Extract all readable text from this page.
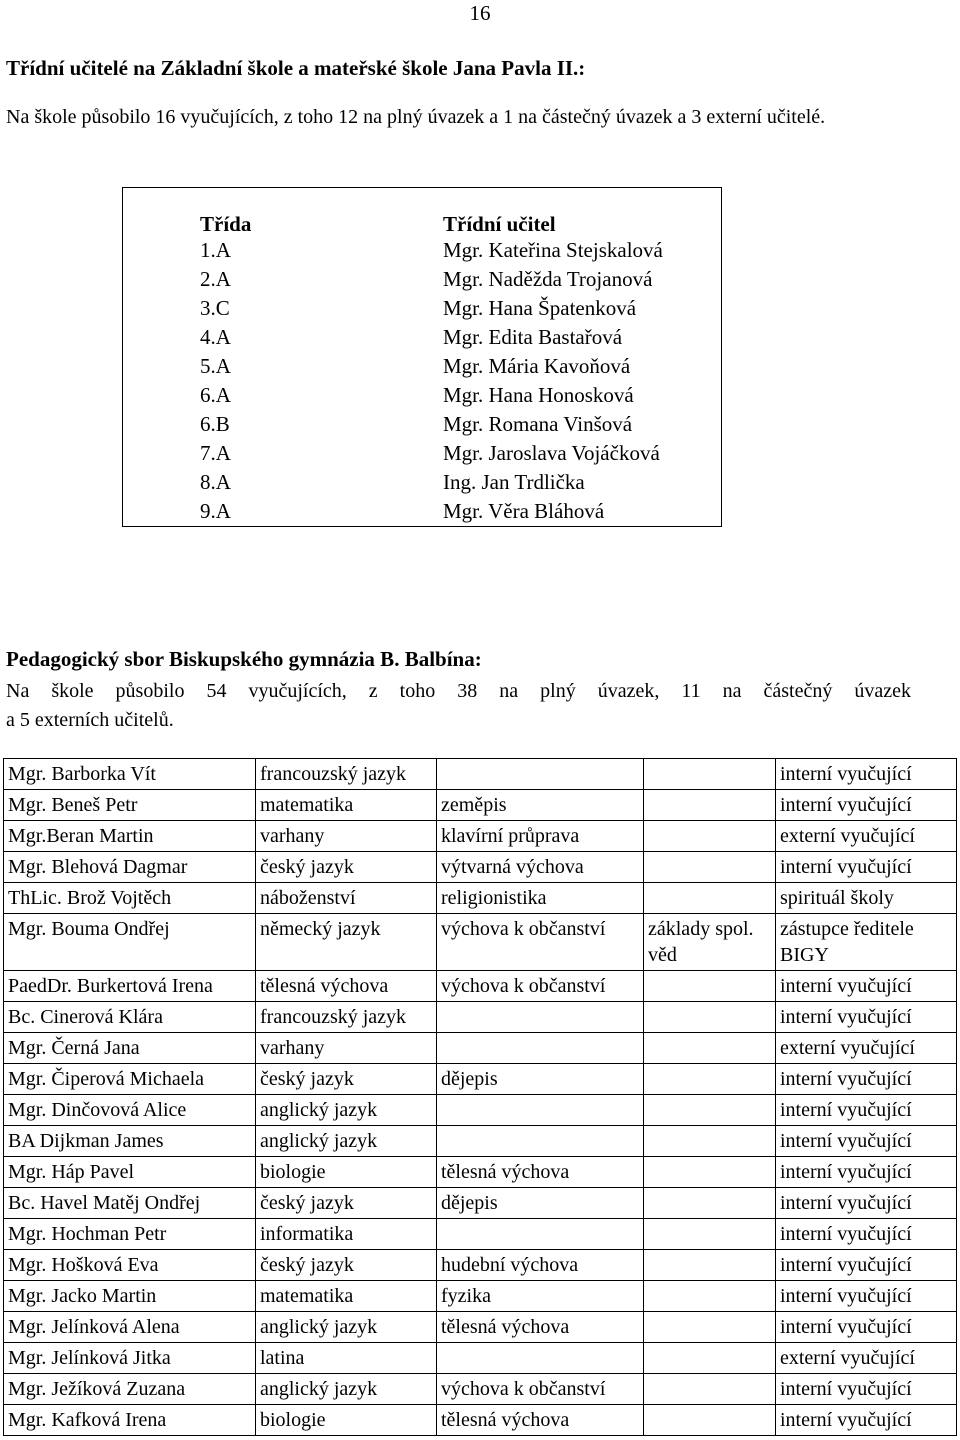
16
Třídní učitelé na Základní škole a mateřské škole Jana Pavla II.:
Na škole působilo 16 vyučujících, z toho 12 na plný úvazek a 1 na částečný úvazek a 3 externí učitelé.
Třída	Třídní učitel
1.A	Mgr. Kateřina Stejskalová
2.A	Mgr. Naděžda Trojanová
3.C	Mgr. Hana Špatenková
4.A	Mgr. Edita Bastařová
5.A	Mgr. Mária Kavoňová
6.A	Mgr. Hana Honosková
6.B	Mgr. Romana Vinšová
7.A	Mgr. Jaroslava Vojáčková
8.A	Ing. Jan Trdlička
9.A	Mgr. Věra Bláhová
Pedagogický sbor Biskupského gymnázia B. Balbína:
Na škole působilo 54 vyučujících, z toho 38 na plný úvazek, 11 na částečný úvazek
a 5 externích učitelů.
Mgr. Barborka Vít	francouzský jazyk			interní vyučující
Mgr. Beneš Petr	matematika	zeměpis		interní vyučující
Mgr.Beran Martin	varhany	klavírní průprava		externí vyučující
Mgr. Blehová Dagmar	český jazyk	výtvarná výchova		interní vyučující
ThLic. Brož Vojtěch	náboženství	religionistika		spirituál školy
Mgr. Bouma Ondřej	německý jazyk	výchova k občanství	základy spol. věd	zástupce ředitele BIGY
PaedDr. Burkertová Irena	tělesná výchova	výchova k občanství		interní vyučující
Bc. Cinerová Klára	francouzský jazyk			interní vyučující
Mgr. Černá Jana	varhany			externí vyučující
Mgr. Čiperová Michaela	český jazyk	dějepis		interní vyučující
Mgr. Dinčovová Alice	anglický jazyk			interní vyučující
BA Dijkman James	anglický jazyk			interní vyučující
Mgr. Háp Pavel	biologie	tělesná výchova		interní vyučující
Bc. Havel Matěj Ondřej	český jazyk	dějepis		interní vyučující
Mgr. Hochman Petr	informatika			interní vyučující
Mgr. Hošková Eva	český jazyk	hudební výchova		interní vyučující
Mgr. Jacko Martin	matematika	fyzika		interní vyučující
Mgr. Jelínková Alena	anglický jazyk	tělesná výchova		interní vyučující
Mgr. Jelínková Jitka	latina			externí vyučující
Mgr. Ježíková Zuzana	anglický jazyk	výchova k občanství		interní vyučující
Mgr. Kafková Irena	biologie	tělesná výchova		interní vyučující
